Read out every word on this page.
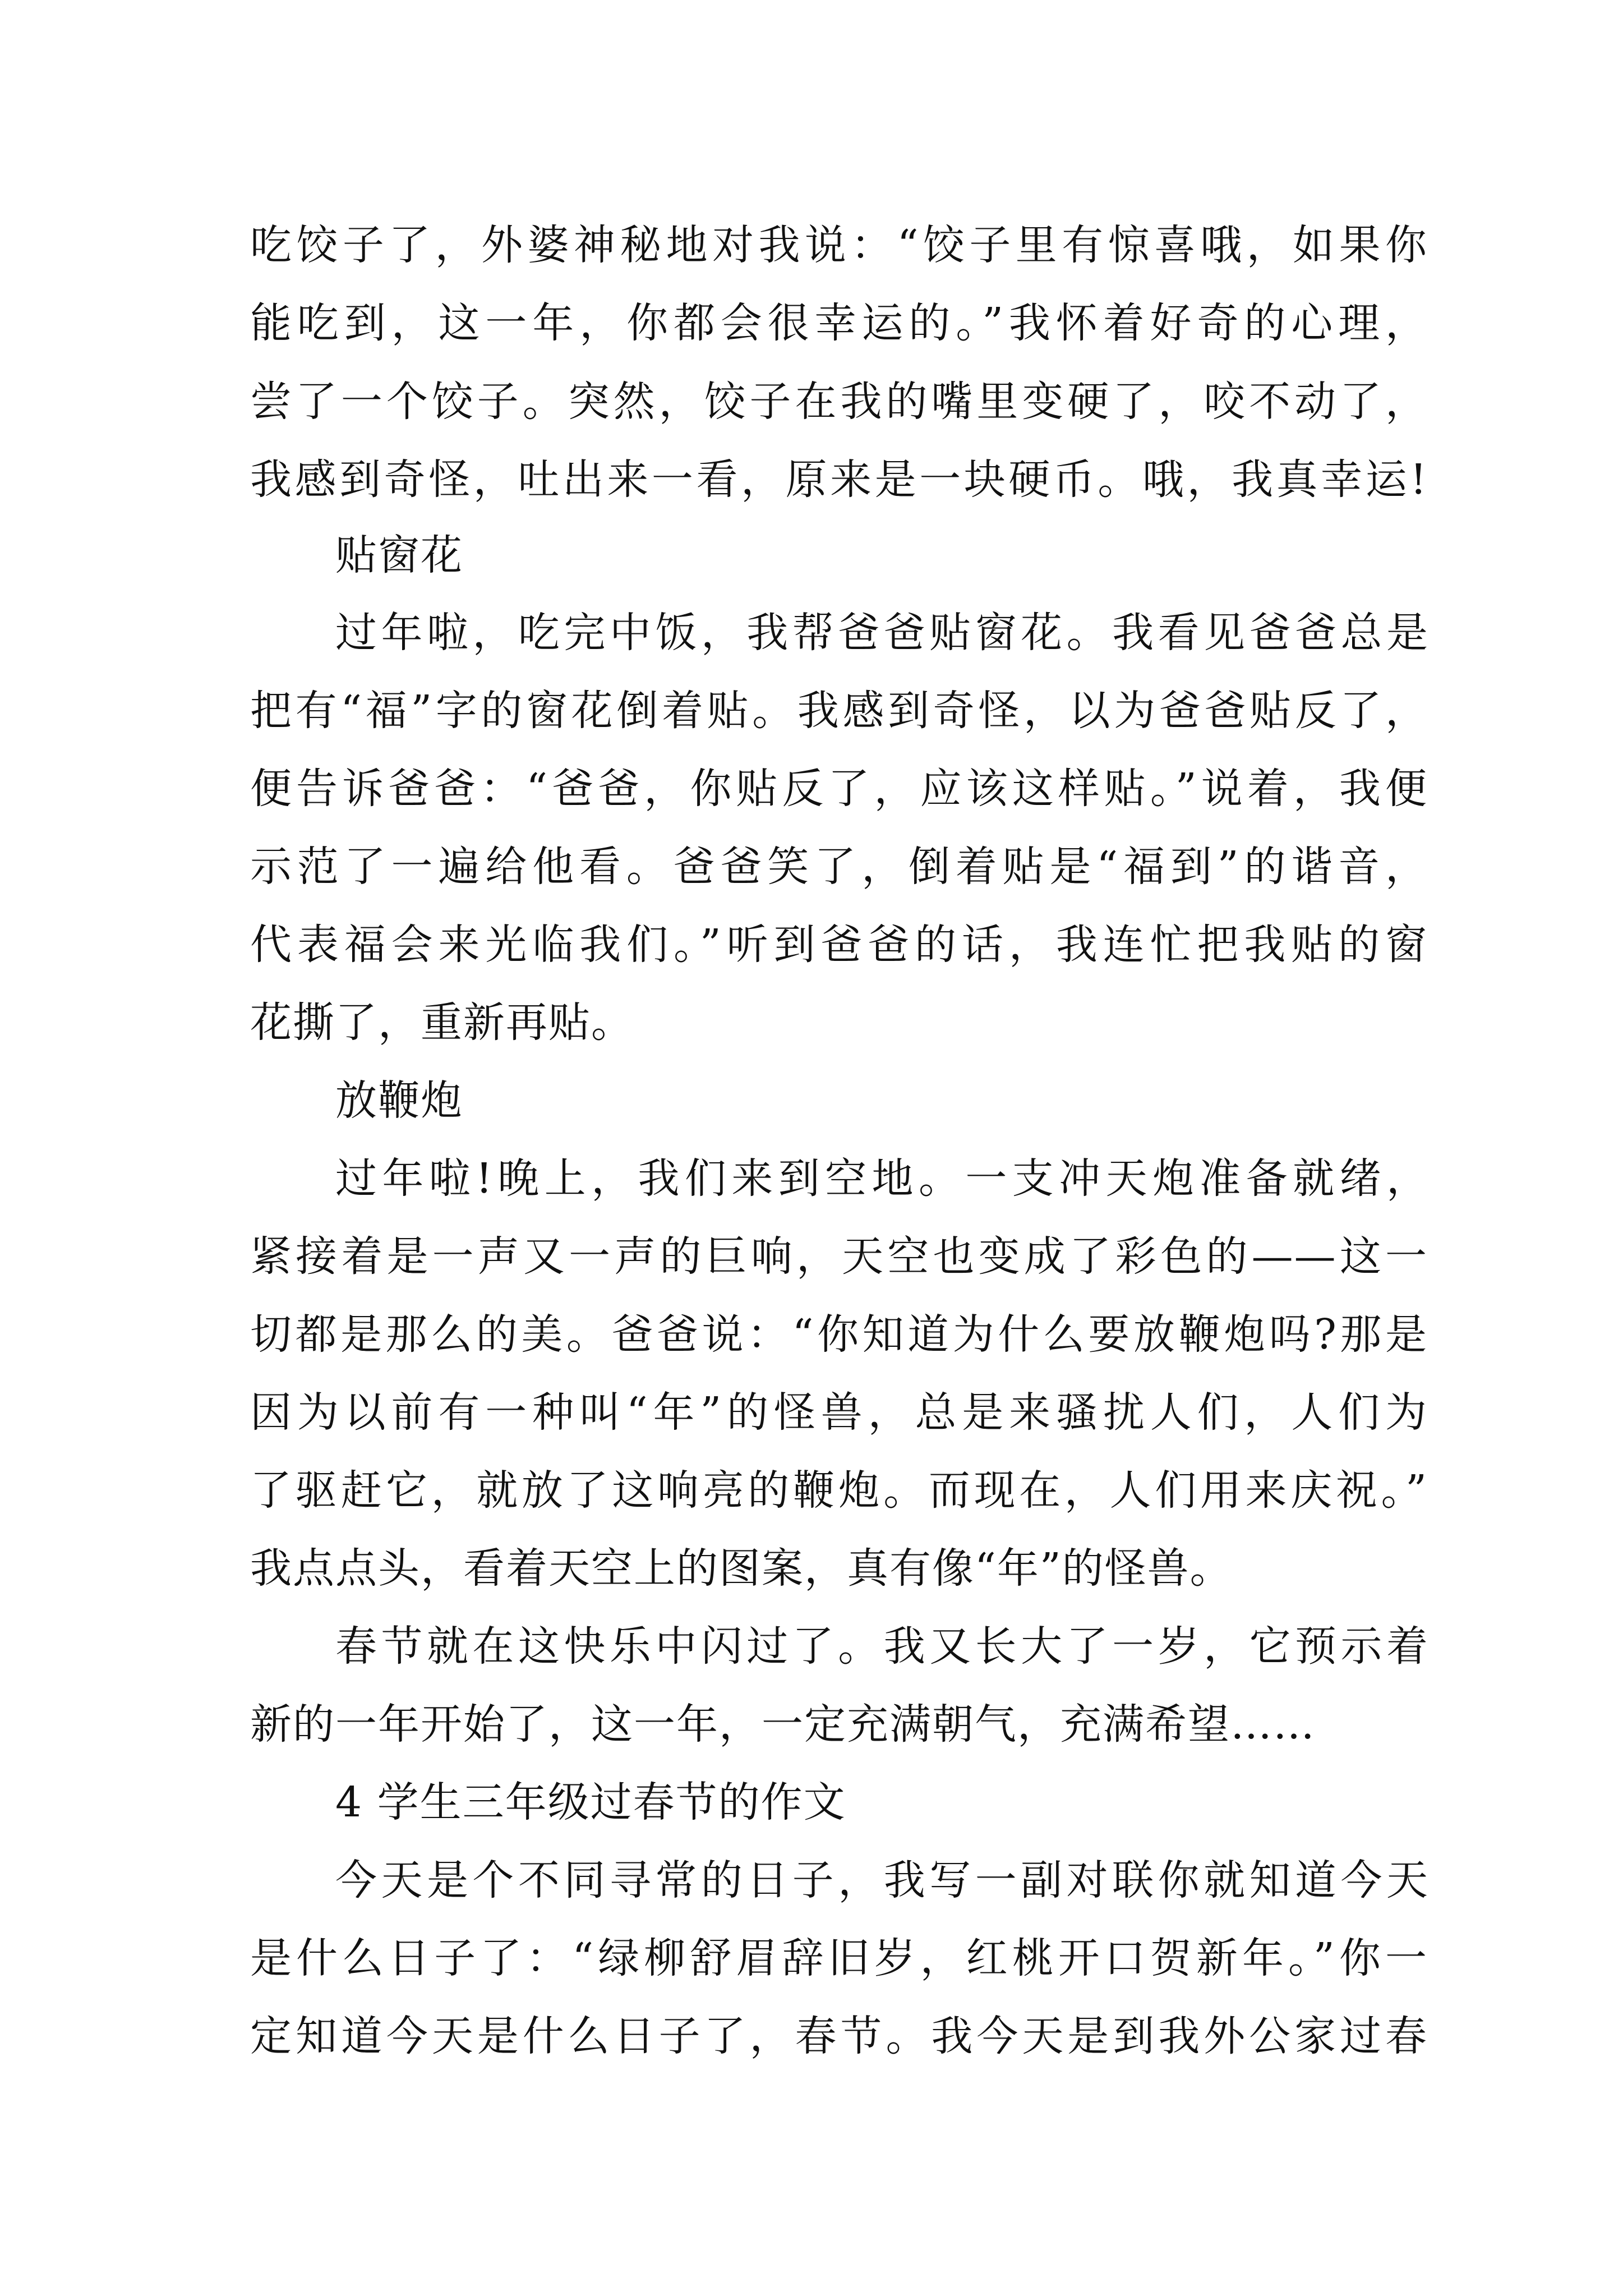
吃饺子了，外婆神秘地对我说：“饺子里有惊喜哦，如果你
能吃到，这一年，你都会很幸运的。”我怀着好奇的心理，
尝了一个饺子。突然，饺子在我的嘴里变硬了，咬不动了，
我感到奇怪，吐出来一看，原来是一块硬币。哦，我真幸运!
贴窗花
过年啦，吃完中饭，我帮爸爸贴窗花。我看见爸爸总是
把有“福”字的窗花倒着贴。我感到奇怪，以为爸爸贴反了，
便告诉爸爸：“爸爸，你贴反了，应该这样贴。”说着，我便
示范了一遍给他看。爸爸笑了，倒着贴是“福到”的谐音，
代表福会来光临我们。”听到爸爸的话，我连忙把我贴的窗
花撕了，重新再贴。
放鞭炮
过年啦!晚上，我们来到空地。一支冲天炮准备就绪，
紧接着是一声又一声的巨响，天空也变成了彩色的——这一
切都是那么的美。爸爸说：“你知道为什么要放鞭炮吗?那是
因为以前有一种叫“年”的怪兽，总是来骚扰人们，人们为
了驱赶它，就放了这响亮的鞭炮。而现在，人们用来庆祝。”
我点点头，看着天空上的图案，真有像“年”的怪兽。
春节就在这快乐中闪过了。我又长大了一岁，它预示着
新的一年开始了，这一年，一定充满朝气，充满希望……
4 学生三年级过春节的作文
今天是个不同寻常的日子，我写一副对联你就知道今天
是什么日子了：“绿柳舒眉辞旧岁，红桃开口贺新年。”你一
定知道今天是什么日子了，春节。我今天是到我外公家过春
